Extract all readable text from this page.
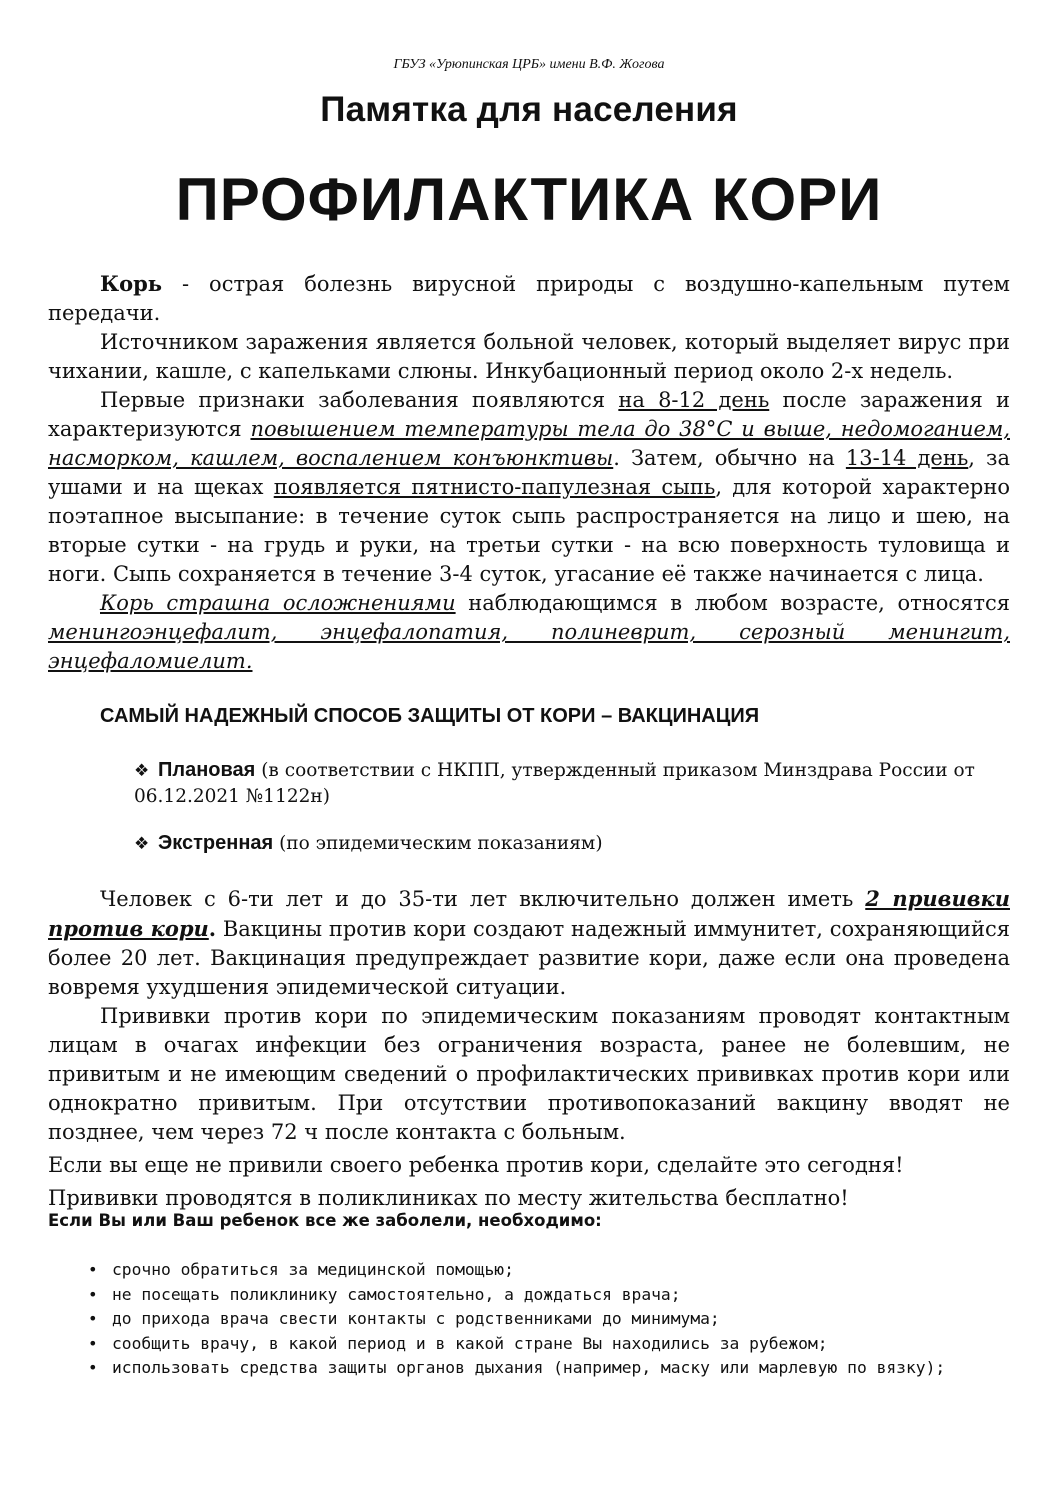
ГБУЗ «Урюпинская ЦРБ» имени В.Ф. Жогова
Памятка для населения
ПРОФИЛАКТИКА КОРИ

Корь - острая болезнь вирусной природы с воздушно-капельным путем передачи.

Источником заражения является больной человек, который выделяет вирус при чихании, кашле, с капельками слюны. Инкубационный период около 2-х недель.

Первые признаки заболевания появляются на 8-12 день после заражения и характеризуются повышением температуры тела до 38°С и выше, недомоганием, насморком, кашлем, воспалением конъюнктивы. Затем, обычно на 13-14 день, за ушами и на щеках появляется пятнисто-папулезная сыпь, для которой характерно поэтапное высыпание: в течение суток сыпь распространяется на лицо и шею, на вторые сутки - на грудь и руки, на третьи сутки - на всю поверхность туловища и ноги. Сыпь сохраняется в течение 3-4 суток, угасание её также начинается с лица.

Корь страшна осложнениями наблюдающимся в любом возрасте, относятся менингоэнцефалит, энцефалопатия, полиневрит, серозный менингит, энцефаломиелит.

САМЫЙ НАДЕЖНЫЙ СПОСОБ ЗАЩИТЫ ОТ КОРИ – ВАКЦИНАЦИЯ
❖ Плановая (в соответствии с НКПП, утвержденный приказом Минздрава России от 06.12.2021 №1122н)
❖ Экстренная (по эпидемическим показаниям)

Человек с 6-ти лет и до 35-ти лет включительно должен иметь 2 прививки против кори. Вакцины против кори создают надежный иммунитет, сохраняющийся более 20 лет. Вакцинация предупреждает развитие кори, даже если она проведена вовремя ухудшения эпидемической ситуации.

Прививки против кори по эпидемическим показаниям проводят контактным лицам в очагах инфекции без ограничения возраста, ранее не болевшим, не привитым и не имеющим сведений о профилактических прививках против кори или однократно привитым. При отсутствии противопоказаний вакцину вводят не позднее, чем через 72 ч после контакта с больным.

Если вы еще не привили своего ребенка против кори, сделайте это сегодня!

Прививки проводятся в поликлиниках по месту жительства бесплатно!

Если Вы или Ваш ребенок все же заболели, необходимо:
• срочно обратиться за медицинской помощью;
• не посещать поликлинику самостоятельно, а дождаться врача;
• до прихода врача свести контакты с родственниками до минимума;
• сообщить врачу, в какой период и в какой стране Вы находились за рубежом;
• использовать средства защиты органов дыхания (например, маску или марлевую по вязку);
